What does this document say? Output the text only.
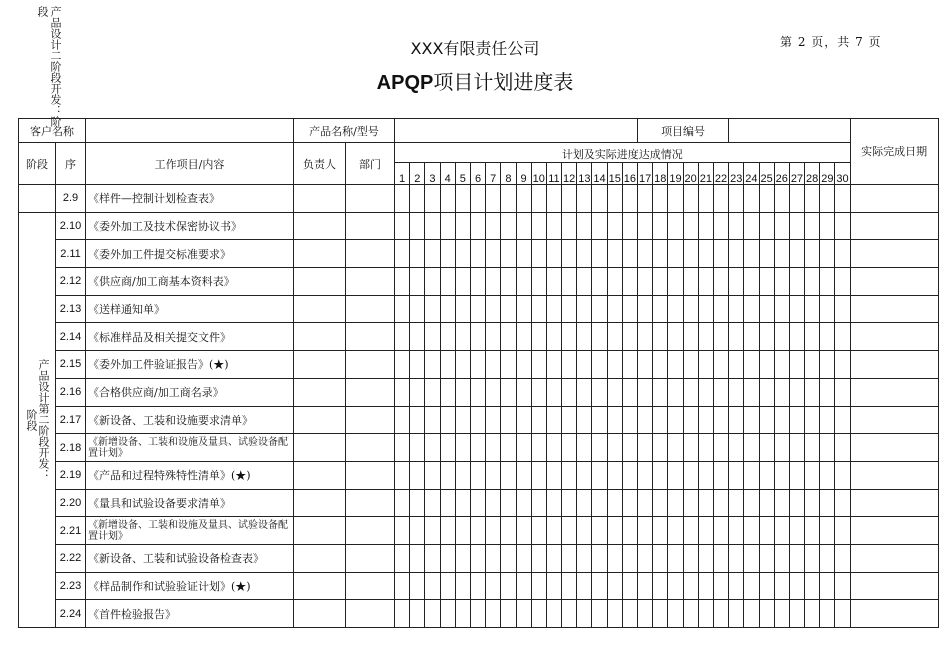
产品设计二阶段开发：阶段
XXX有限责任公司
APQP项目计划进度表
第 2 页，共 7 页
客户名称			产品名称/型号																		项目编号														实际完成日期
阶段	序	工作项目/内容	负责人	部门	计划及实际进度达成情况																														
					1	2	3	4	5	6	7	8	9	10	11	12	13	14	15	16	17	18	19	20	21	22	23	24	25	26	27	28	29	30	
	2.9	《样件—控制计划检查表》																																	

产品设计第二阶段开发：阶段	2.10	《委外加工及技术保密协议书》																																	
	2.11	《委外加工件提交标准要求》																																	
	2.12	《供应商/加工商基本资料表》																																	
	2.13	《送样通知单》																																	
	2.14	《标准样品及相关提交文件》																																	
	2.15	《委外加工件验证报告》(★)																																	
	2.16	《合格供应商/加工商名录》																																	
	2.17	《新设备、工装和设施要求清单》																																	
	2.18	《新增设备、工装和设施及量具、试验设备配置计划》																																	
	2.19	《产品和过程特殊特性清单》(★)																																	
	2.20	《量具和试验设备要求清单》																																	
	2.21	《新增设备、工装和设施及量具、试验设备配置计划》																																	
	2.22	《新设备、工装和试验设备检查表》																																	
	2.23	《样品制作和试验验证计划》(★)																																	
	2.24	《首件检验报告》																																	
